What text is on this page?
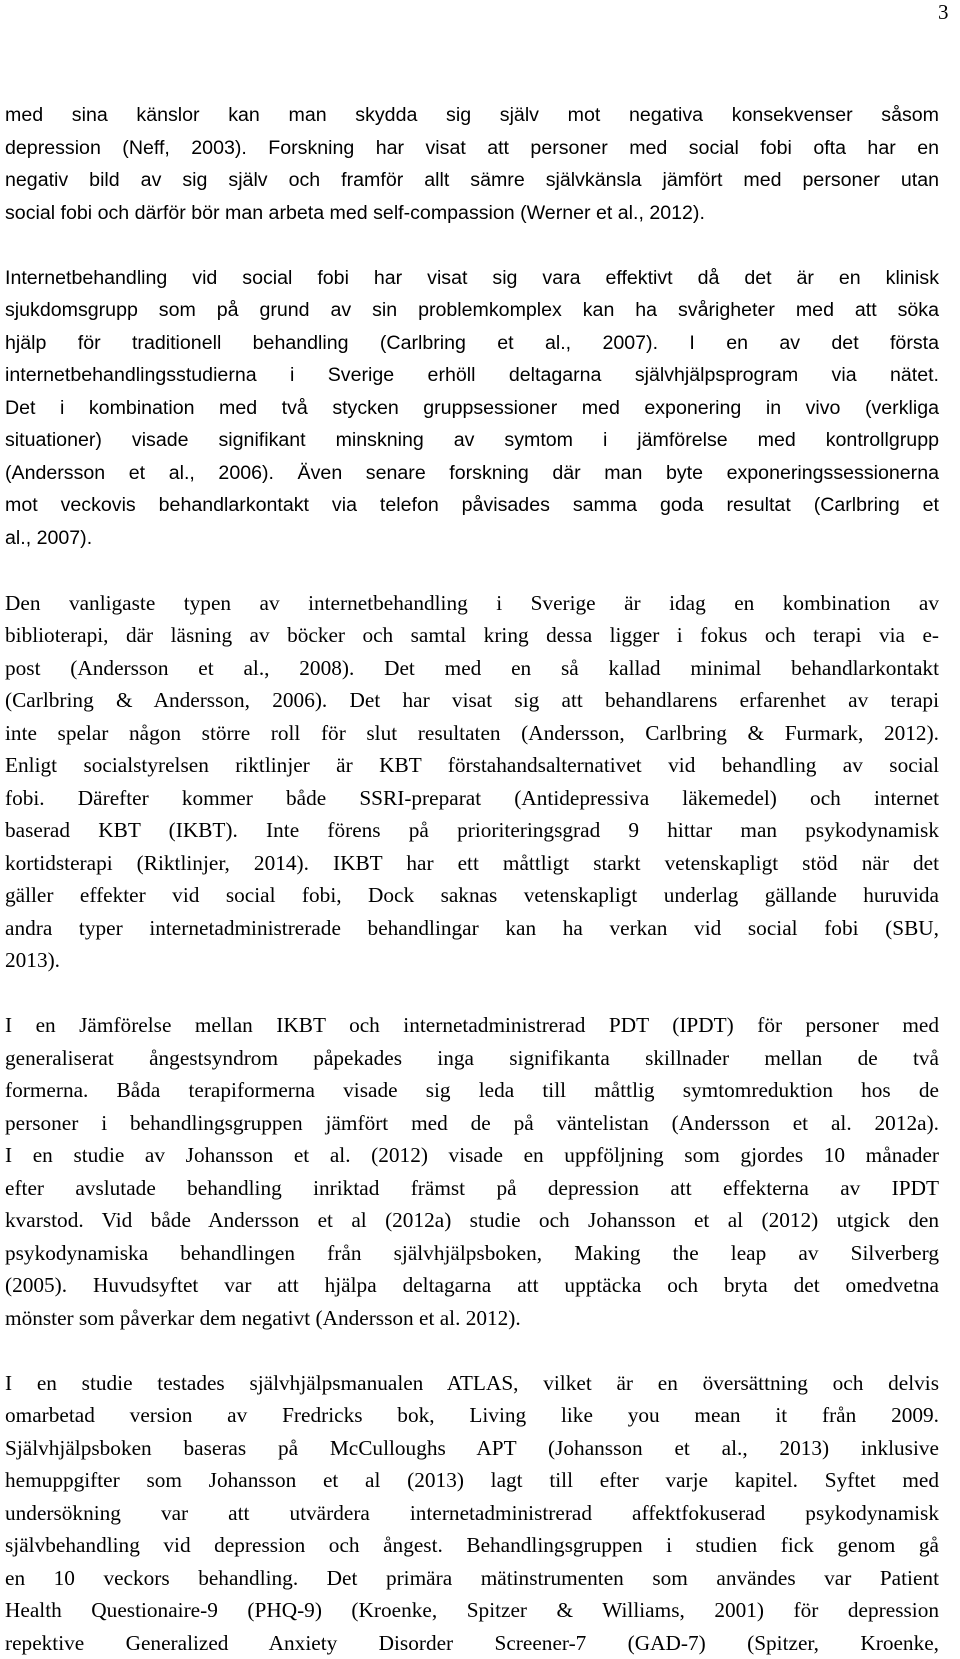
3

med sina känslor kan man skydda sig själv mot negativa konsekvenser såsom
depression (Neff, 2003). Forskning har visat att personer med social fobi ofta har en
negativ bild av sig själv och framför allt sämre självkänsla jämfört med personer utan
social fobi och därför bör man arbeta med self-compassion (Werner et al., 2012).

Internetbehandling vid social fobi har visat sig vara effektivt då det är en klinisk
sjukdomsgrupp som på grund av sin problemkomplex kan ha svårigheter med att söka
hjälp för traditionell behandling (Carlbring et al., 2007). I en av det första
internetbehandlingsstudierna i Sverige erhöll deltagarna självhjälpsprogram via nätet.
Det i kombination med två stycken gruppsessioner med exponering in vivo (verkliga
situationer) visade signifikant minskning av symtom i jämförelse med kontrollgrupp
(Andersson et al., 2006). Även senare forskning där man byte exponeringssessionerna
mot veckovis behandlarkontakt via telefon påvisades samma goda resultat (Carlbring et
al., 2007).

Den vanligaste typen av internetbehandling i Sverige är idag en kombination av
biblioterapi, där läsning av böcker och samtal kring dessa ligger i fokus och terapi via e-
post (Andersson et al., 2008). Det med en så kallad minimal behandlarkontakt
(Carlbring & Andersson, 2006). Det har visat sig att behandlarens erfarenhet av terapi
inte spelar någon större roll för slut resultaten (Andersson, Carlbring & Furmark, 2012).
Enligt socialstyrelsen riktlinjer är KBT förstahandsalternativet vid behandling av social
fobi. Därefter kommer både SSRI-preparat (Antidepressiva läkemedel) och internet
baserad KBT (IKBT). Inte förens på prioriteringsgrad 9 hittar man psykodynamisk
kortidsterapi (Riktlinjer, 2014). IKBT har ett måttligt starkt vetenskapligt stöd när det
gäller effekter vid social fobi, Dock saknas vetenskapligt underlag gällande huruvida
andra typer internetadministrerade behandlingar kan ha verkan vid social fobi (SBU,
2013).

I en Jämförelse mellan IKBT och internetadministrerad PDT (IPDT) för personer med
generaliserat ångestsyndrom påpekades inga signifikanta skillnader mellan de två
formerna. Båda terapiformerna visade sig leda till måttlig symtomreduktion hos de
personer i behandlingsgruppen jämfört med de på väntelistan (Andersson et al. 2012a).
I en studie av Johansson et al. (2012) visade en uppföljning som gjordes 10 månader
efter avslutade behandling inriktad främst på depression att effekterna av IPDT
kvarstod. Vid både Andersson et al (2012a) studie och Johansson et al (2012) utgick den
psykodynamiska behandlingen från självhjälpsboken, Making the leap av Silverberg
(2005). Huvudsyftet var att hjälpa deltagarna att upptäcka och bryta det omedvetna
mönster som påverkar dem negativt (Andersson et al. 2012).

I en studie testades självhjälpsmanualen ATLAS, vilket är en översättning och delvis
omarbetad version av Fredricks bok, Living like you mean it från 2009.
Självhjälpsboken baseras på McCulloughs APT (Johansson et al., 2013) inklusive
hemuppgifter som Johansson et al (2013) lagt till efter varje kapitel. Syftet med
undersökning var att utvärdera internetadministrerad affektfokuserad psykodynamisk
självbehandling vid depression och ångest. Behandlingsgruppen i studien fick genom gå
en 10 veckors behandling. Det primära mätinstrumenten som användes var Patient
Health Questionaire-9 (PHQ-9) (Kroenke, Spitzer & Williams, 2001) för depression
repektive Generalized Anxiety Disorder Screener-7 (GAD-7) (Spitzer, Kroenke,
